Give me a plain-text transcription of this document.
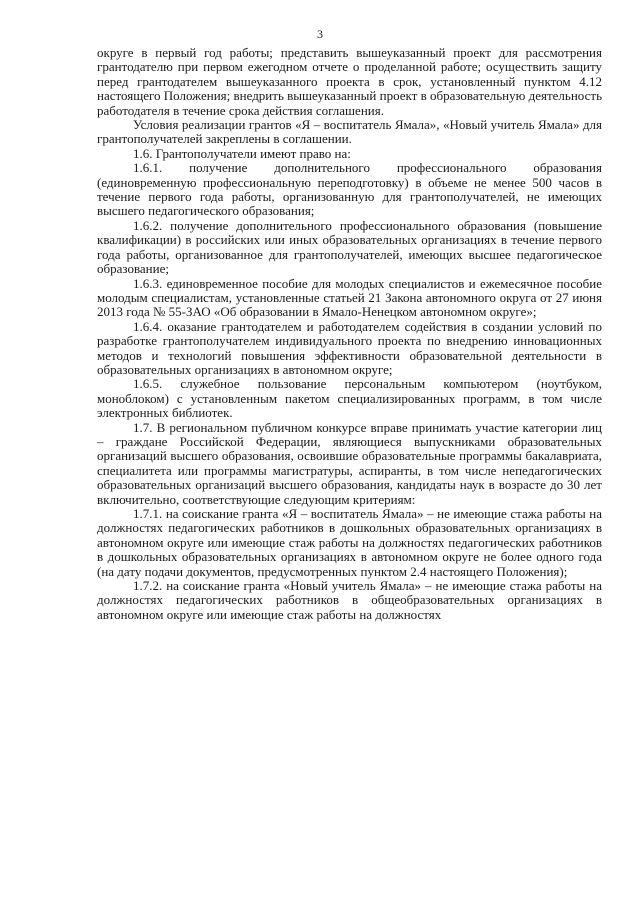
3

округе в первый год работы; представить вышеуказанный проект для рассмотрения грантодателю при первом ежегодном отчете о проделанной работе; осуществить защиту перед грантодателем вышеуказанного проекта в срок, установленный пунктом 4.12 настоящего Положения; внедрить вышеуказанный проект в образовательную деятельность работодателя в течение срока действия соглашения.

Условия реализации грантов «Я – воспитатель Ямала», «Новый учитель Ямала» для грантополучателей закреплены в соглашении.

1.6. Грантополучатели имеют право на:

1.6.1. получение дополнительного профессионального образования (единовременную профессиональную переподготовку) в объеме не менее 500 часов в течение первого года работы, организованную для грантополучателей, не имеющих высшего педагогического образования;

1.6.2. получение дополнительного профессионального образования (повышение квалификации) в российских или иных образовательных организациях в течение первого года работы, организованное для грантополучателей, имеющих высшее педагогическое образование;

1.6.3. единовременное пособие для молодых специалистов и ежемесячное пособие молодым специалистам, установленные статьей 21 Закона автономного округа от 27 июня 2013 года № 55-ЗАО «Об образовании в Ямало-Ненецком автономном округе»;

1.6.4. оказание грантодателем и работодателем содействия в создании условий по разработке грантополучателем индивидуального проекта по внедрению инновационных методов и технологий повышения эффективности образовательной деятельности в образовательных организациях в автономном округе;

1.6.5. служебное пользование персональным компьютером (ноутбуком, моноблоком) с установленным пакетом специализированных программ, в том числе электронных библиотек.

1.7. В региональном публичном конкурсе вправе принимать участие категории лиц – граждане Российской Федерации, являющиеся выпускниками образовательных организаций высшего образования, освоившие образовательные программы бакалавриата, специалитета или программы магистратуры, аспиранты, в том числе непедагогических образовательных организаций высшего образования, кандидаты наук в возрасте до 30 лет включительно, соответствующие следующим критериям:

1.7.1. на соискание гранта «Я – воспитатель Ямала» – не имеющие стажа работы на должностях педагогических работников в дошкольных образовательных организациях в автономном округе или имеющие стаж работы на должностях педагогических работников в дошкольных образовательных организациях в автономном округе не более одного года (на дату подачи документов, предусмотренных пунктом 2.4 настоящего Положения);

1.7.2. на соискание гранта «Новый учитель Ямала» – не имеющие стажа работы на должностях педагогических работников в общеобразовательных организациях в автономном округе или имеющие стаж работы на должностях
